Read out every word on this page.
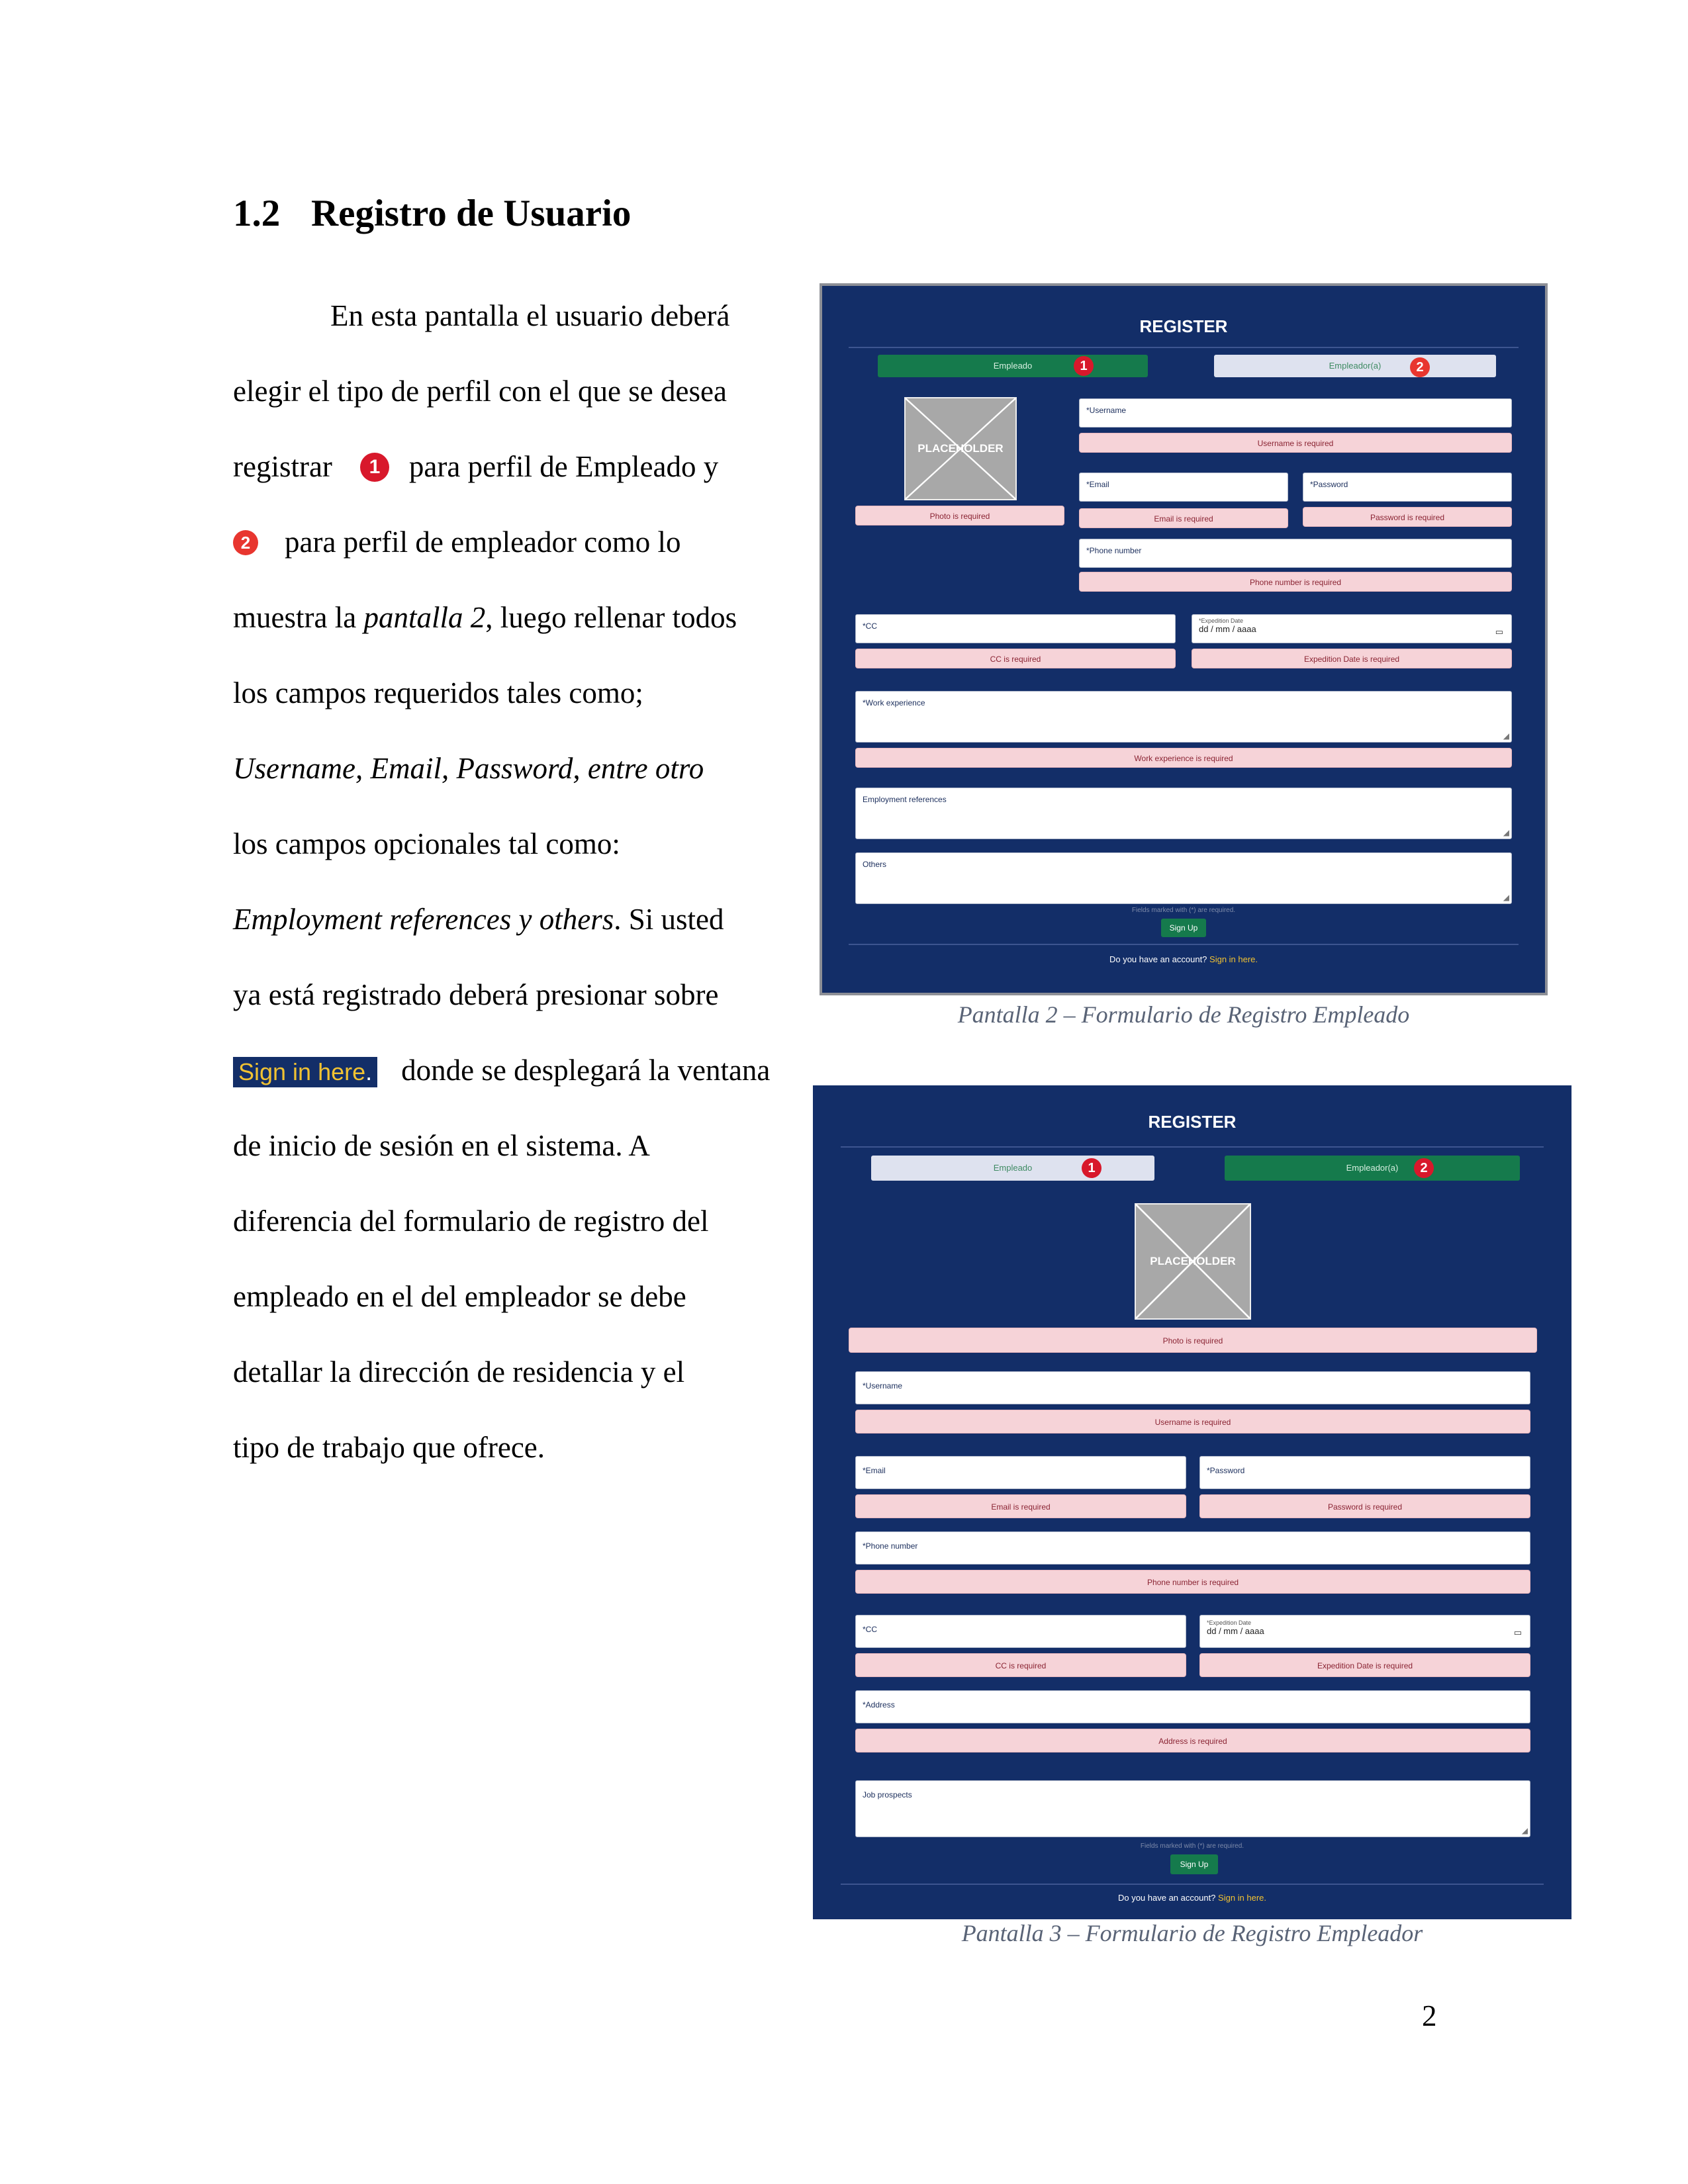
1.2 Registro de Usuario
En esta pantalla el usuario deberá
elegir el tipo de perfil con el que se desea
registrar 1 para perfil de Empleado y
2 para perfil de empleador como lo
muestra la pantalla 2, luego rellenar todos
los campos requeridos tales como;
Username, Email, Password, entre otro
los campos opcionales tal como:
Employment references y others. Si usted
ya está registrado deberá presionar sobre
Sign in here. donde se desplegará la ventana
de inicio de sesión en el sistema. A
diferencia del formulario de registro del
empleado en el del empleador se debe
detallar la dirección de residencia y el
tipo de trabajo que ofrece.
REGISTER
Empleado	1	Empleador(a)	2
PLACEHOLDER
Photo is required
*Username
Username is required
*Email	*Password
Email is required	Password is required
*Phone number
Phone number is required
*CC
*Expedition Date
dd / mm / aaaa	▭
CC is required	Expedition Date is required
*Work experience
◢
Work experience is required
Employment references
◢
Others
◢
Fields marked with (*) are required.
Sign Up
Do you have an account? Sign in here.
Pantalla 2 – Formulario de Registro Empleado
REGISTER
Empleado	1	Empleador(a)	2
PLACEHOLDER
Photo is required
*Username
Username is required
*Email	*Password
Email is required	Password is required
*Phone number
Phone number is required
*CC
*Expedition Date
dd / mm / aaaa	▭
CC is required	Expedition Date is required
*Address
Address is required
Job prospects
◢
Fields marked with (*) are required.
Sign Up
Do you have an account? Sign in here.
Pantalla 3 – Formulario de Registro Empleador
2
